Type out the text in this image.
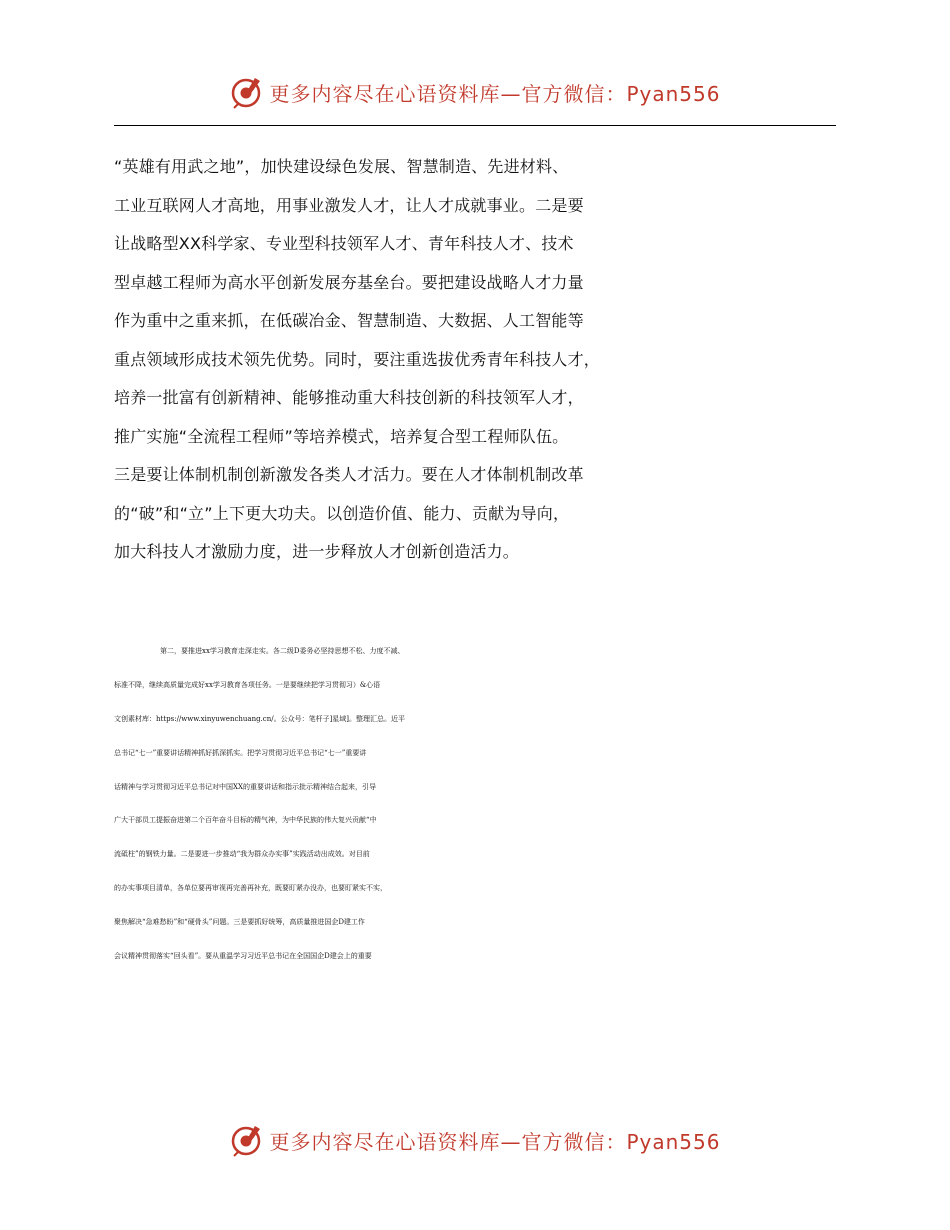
更多内容尽在心语资料库—官方微信：Pyan556
“英雄有用武之地”，加快建设绿色发展、智慧制造、先进材料、
工业互联网人才高地，用事业激发人才，让人才成就事业。二是要
让战略型XX科学家、专业型科技领军人才、青年科技人才、技术
型卓越工程师为高水平创新发展夯基垒台。要把建设战略人才力量
作为重中之重来抓，在低碳冶金、智慧制造、大数据、人工智能等
重点领域形成技术领先优势。同时，要注重选拔优秀青年科技人才，
培养一批富有创新精神、能够推动重大科技创新的科技领军人才，
推广实施“全流程工程师”等培养模式，培养复合型工程师队伍。
三是要让体制机制创新激发各类人才活力。要在人才体制机制改革
的“破”和“立”上下更大功夫。以创造价值、能力、贡献为导向，
加大科技人才激励力度，进一步释放人才创新创造活力。
第二，要推进xx学习教育走深走实。各二级D委务必坚持思想不松、力度不减、
标准不降，继续高质量完成好xx学习教育各项任务。一是要继续把学习贯彻习）&心语
文创素材库：https://www.xinyuwenchuang.cn/。公众号：笔杆子]星域]。整理汇总。近平
总书记“七一”重要讲话精神抓好抓深抓实。把学习贯彻习近平总书记“七一”重要讲
话精神与学习贯彻习近平总书记对中国XX的重要讲话和指示批示精神结合起来，引导
广大干部员工提振奋进第二个百年奋斗目标的精气神，为中华民族的伟大复兴贡献“中
流砥柱”的钢铁力量。二是要进一步推动“我为群众办实事”实践活动出成效。对目前
的办实事项目清单，各单位要再审视再完善再补充，既要盯紧办没办，也要盯紧实不实，
聚焦解决“急难愁盼”和“硬骨头”问题。三是要抓好统筹，高质量推进国企D建工作
会议精神贯彻落实“回头看”。要从重温学习习近平总书记在全国国企D建会上的重要
更多内容尽在心语资料库—官方微信：Pyan556
